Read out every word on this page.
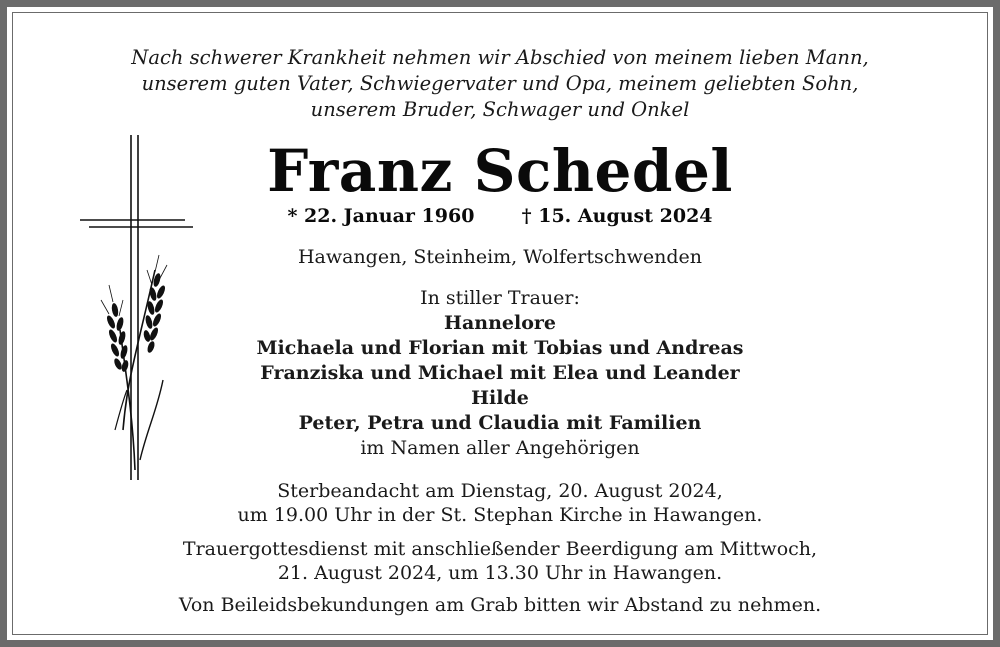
Nach schwerer Krankheit nehmen wir Abschied von meinem lieben Mann,
unserem guten Vater, Schwiegervater und Opa, meinem geliebten Sohn,
unserem Bruder, Schwager und Onkel
Franz Schedel
* 22. Januar 1960 † 15. August 2024
Hawangen, Steinheim, Wolfertschwenden
In stiller Trauer:
Hannelore
Michaela und Florian mit Tobias und Andreas
Franziska und Michael mit Elea und Leander
Hilde
Peter, Petra und Claudia mit Familien
im Namen aller Angehörigen
Sterbeandacht am Dienstag, 20. August 2024,
um 19.00 Uhr in der St. Stephan Kirche in Hawangen.
Trauergottesdienst mit anschließender Beerdigung am Mittwoch,
21. August 2024, um 13.30 Uhr in Hawangen.
Von Beileidsbekundungen am Grab bitten wir Abstand zu nehmen.
